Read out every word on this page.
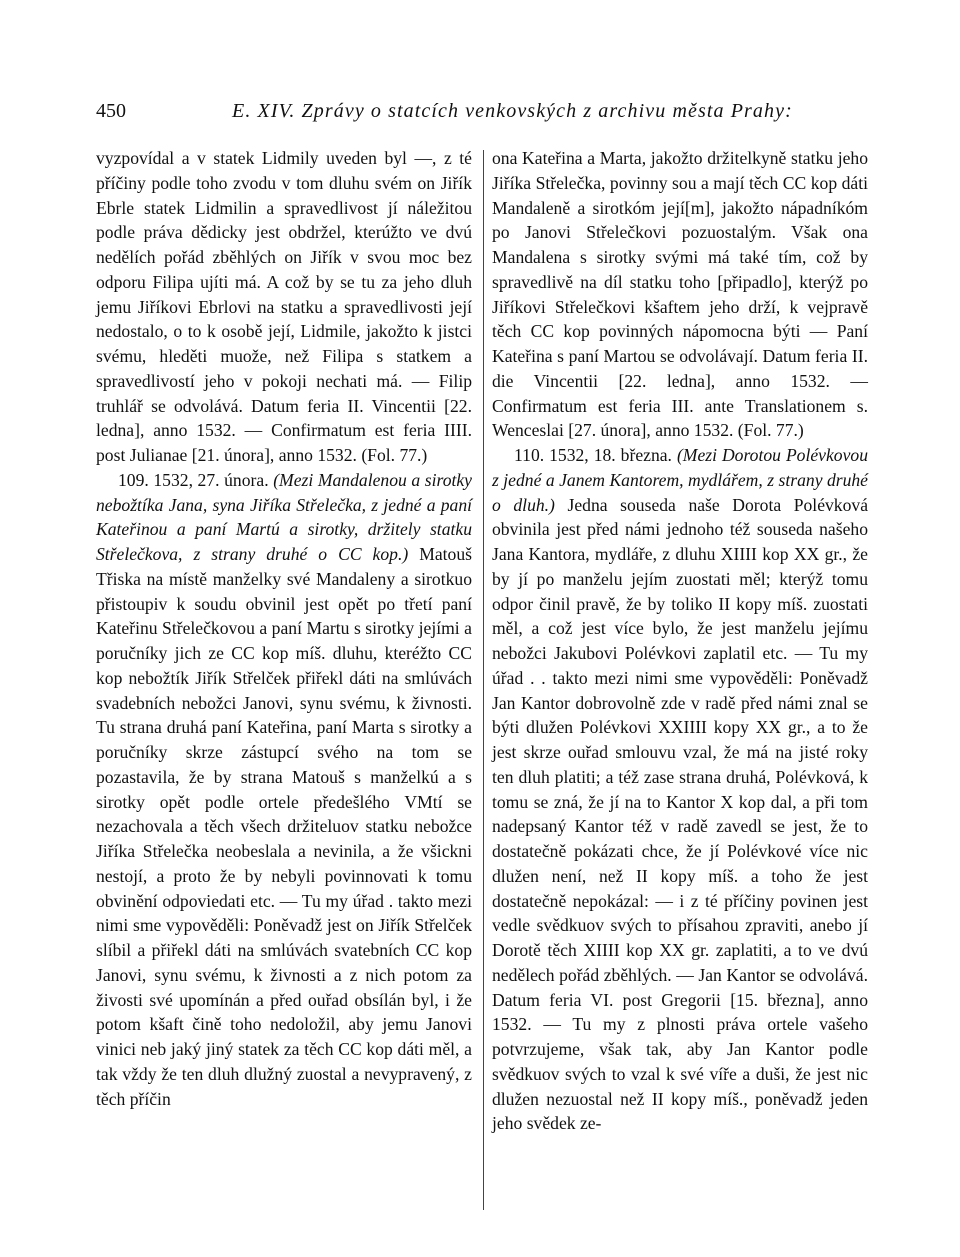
450	E. XIV. Zprávy o statcích venkovských z archivu města Prahy:

vyzpovídal a v statek Lidmily uveden byl —, z té příčiny podle toho zvodu v tom dluhu svém on Jiřík Ebrle statek Lidmilin a spravedlivost jí náležitou podle práva dědicky jest obdržel, kterúžto ve dvú nedělích pořád zběhlých on Jiřík v svou moc bez odporu Filipa ujíti má. A což by se tu za jeho dluh jemu Jiříkovi Ebrlovi na statku a spravedlivosti její nedostalo, o to k osobě její, Lidmile, jakožto k jistci svému, hleděti muože, než Filipa s statkem a spravedlivostí jeho v pokoji nechati má. — Filip truhlář se odvolává. Datum feria II. Vincentii [22. ledna], anno 1532. — Confirmatum est feria IIII. post Julianae [21. února], anno 1532. (Fol. 77.)

109. 1532, 27. února. (Mezi Mandalenou a sirotky nebožtíka Jana, syna Jiříka Střelečka, z jedné a paní Kateřinou a paní Martú a sirotky, držitely statku Střelečkova, z strany druhé o CC kop.) Matouš Třiska na místě manželky své Mandaleny a sirotkuo přistoupiv k soudu obvinil jest opět po třetí paní Kateřinu Střelečkovou a paní Martu s sirotky jejími a poručníky jich ze CC kop míš. dluhu, kteréžto CC kop nebožtík Jiřík Střelček přiřekl dáti na smlúvách svadebních nebožci Janovi, synu svému, k živnosti. Tu strana druhá paní Kateřina, paní Marta s sirotky a poručníky skrze zástupcí svého na tom se pozastavila, že by strana Matouš s manželkú a s sirotky opět podle ortele předešlého VMtí se nezachovala a těch všech držiteluov statku nebožce Jiříka Střelečka neobeslala a nevinila, a že všickni nestojí, a proto že by nebyli povinnovati k tomu obvinění odpoviedati etc. — Tu my úřad . takto mezi nimi sme vypověděli: Poněvadž jest on Jiřík Střelček slíbil a přiřekl dáti na smlúvách svatebních CC kop Janovi, synu svému, k živnosti a z nich potom za živosti své upomínán a před ouřad obsílán byl, i že potom kšaft čině toho nedoložil, aby jemu Janovi vinici neb jaký jiný statek za těch CC kop dáti měl, a tak vždy že ten dluh dlužný zuostal a nevypravený, z těch příčin

ona Kateřina a Marta, jakožto držitelkyně statku jeho Jiříka Střelečka, povinny sou a mají těch CC kop dáti Mandaleně a sirotkóm její[m], jakožto nápadníkóm po Janovi Střelečkovi pozuostalým. Však ona Mandalena s sirotky svými má také tím, což by spravedlivě na díl statku toho [připadlo], kterýž po Jiříkovi Střelečkovi kšaftem jeho drží, k vejpravě těch CC kop povinných nápomocna býti — Paní Kateřina s paní Martou se odvolávají. Datum feria II. die Vincentii [22. ledna], anno 1532. — Confirmatum est feria III. ante Translationem s. Wenceslai [27. února], anno 1532. (Fol. 77.)

110. 1532, 18. března. (Mezi Dorotou Polévkovou z jedné a Janem Kantorem, mydlářem, z strany druhé o dluh.) Jedna souseda naše Dorota Polévková obvinila jest před námi jednoho též souseda našeho Jana Kantora, mydláře, z dluhu XIIII kop XX gr., že by jí po manželu jejím zuostati měl; kterýž tomu odpor činil pravě, že by toliko II kopy míš. zuostati měl, a což jest více bylo, že jest manželu jejímu nebožci Jakubovi Polévkovi zaplatil etc. — Tu my úřad . . takto mezi nimi sme vypověděli: Poněvadž Jan Kantor dobrovolně zde v radě před námi znal se býti dlužen Polévkovi XXIIII kopy XX gr., a to že jest skrze ouřad smlouvu vzal, že má na jisté roky ten dluh platiti; a též zase strana druhá, Polévková, k tomu se zná, že jí na to Kantor X kop dal, a při tom nadepsaný Kantor též v radě zavedl se jest, že to dostatečně pokázati chce, že jí Polévkové více nic dlužen není, než II kopy míš. a toho že jest dostatečně nepokázal: — i z té příčiny povinen jest vedle svědkuov svých to přísahou zpraviti, anebo jí Dorotě těch XIIII kop XX gr. zaplatiti, a to ve dvú nedělech pořád zběhlých. — Jan Kantor se odvolává. Datum feria VI. post Gregorii [15. března], anno 1532. — Tu my z plnosti práva ortele vašeho potvrzujeme, však tak, aby Jan Kantor podle svědkuov svých to vzal k své víře a duši, že jest nic dlužen nezuostal než II kopy míš., poněvadž jeden jeho svědek ze-
